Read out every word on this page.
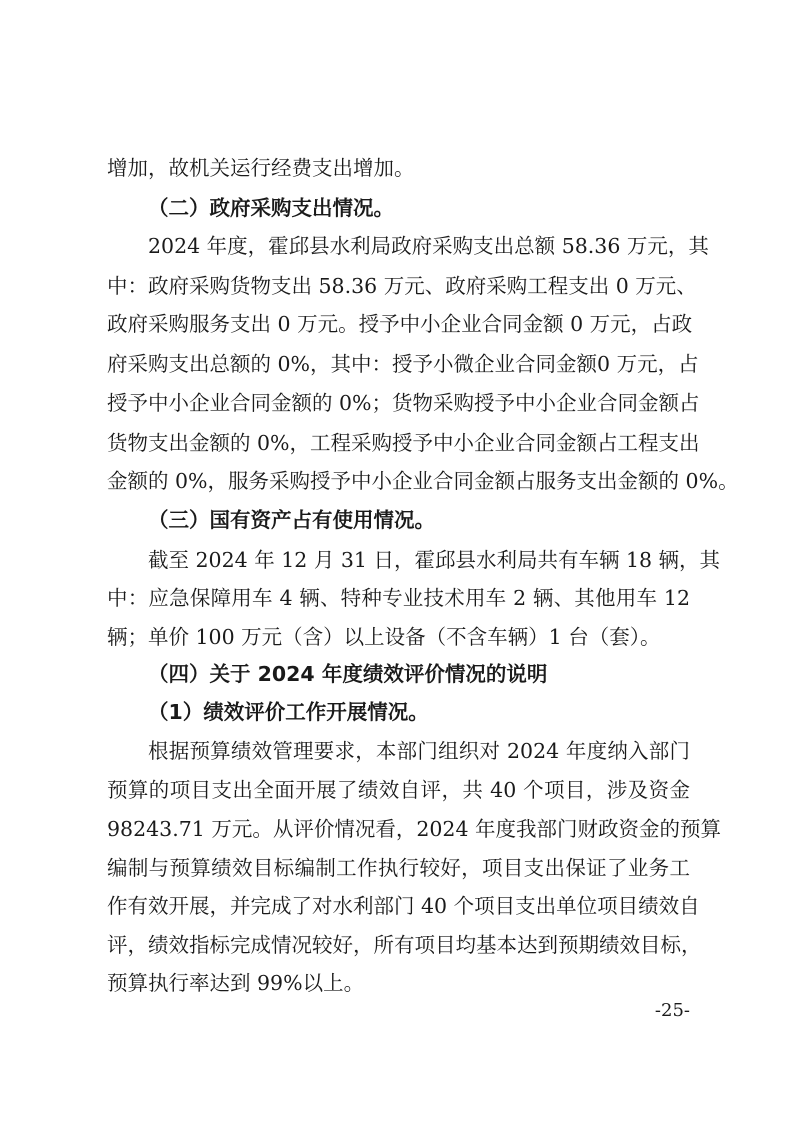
增加，故机关运行经费支出增加。
（二）政府采购支出情况。
2024 年度，霍邱县水利局政府采购支出总额 58.36 万元，其
中：政府采购货物支出 58.36 万元、政府采购工程支出 0 万元、
政府采购服务支出 0 万元。授予中小企业合同金额 0 万元，占政
府采购支出总额的 0%，其中：授予小微企业合同金额0 万元，占
授予中小企业合同金额的 0%；货物采购授予中小企业合同金额占
货物支出金额的 0%，工程采购授予中小企业合同金额占工程支出
金额的 0%，服务采购授予中小企业合同金额占服务支出金额的 0%。
（三）国有资产占有使用情况。
截至 2024 年 12 月 31 日，霍邱县水利局共有车辆 18 辆，其
中：应急保障用车 4 辆、特种专业技术用车 2 辆、其他用车 12
辆；单价 100 万元（含）以上设备（不含车辆）1 台（套）。
（四）关于 2024 年度绩效评价情况的说明
（1）绩效评价工作开展情况。
根据预算绩效管理要求，本部门组织对 2024 年度纳入部门
预算的项目支出全面开展了绩效自评，共 40 个项目，涉及资金
98243.71 万元。从评价情况看，2024 年度我部门财政资金的预算
编制与预算绩效目标编制工作执行较好，项目支出保证了业务工
作有效开展，并完成了对水利部门 40 个项目支出单位项目绩效自
评，绩效指标完成情况较好，所有项目均基本达到预期绩效目标，
预算执行率达到 99%以上。
-25-
